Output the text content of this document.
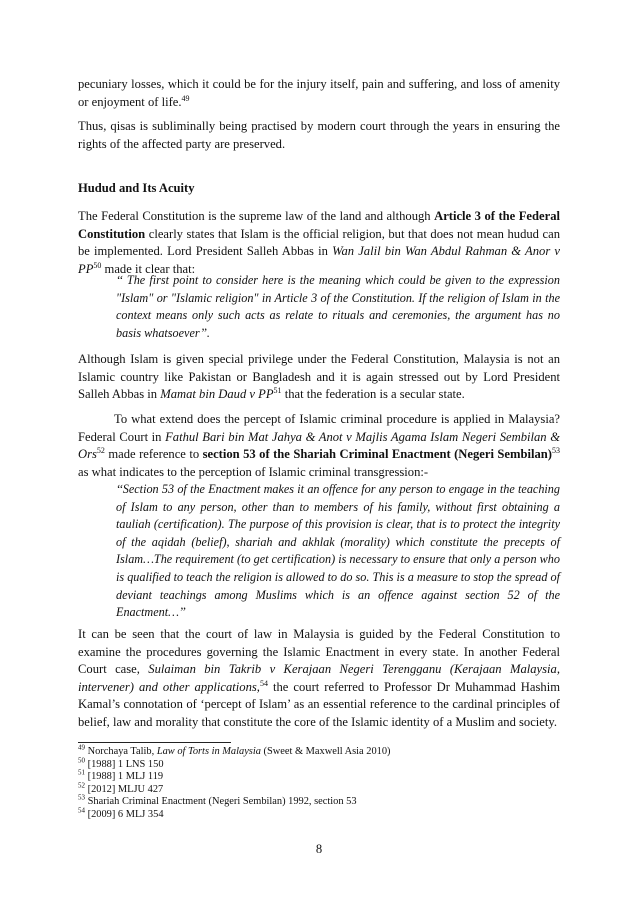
pecuniary losses, which it could be for the injury itself, pain and suffering, and loss of amenity or enjoyment of life.$^{49}$

Thus, qisas is subliminally being practised by modern court through the years in ensuring the rights of the affected party are preserved.

Hudud and Its Acuity

The Federal Constitution is the supreme law of the land and although Article 3 of the Federal Constitution clearly states that Islam is the official religion, but that does not mean hudud can be implemented. Lord President Salleh Abbas in Wan Jalil bin Wan Abdul Rahman & Anor v PP$^{50}$ made it clear that:

‘‘ The first point to consider here is the meaning which could be given to the expression "Islam" or "Islamic religion" in Article 3 of the Constitution. If the religion of Islam in the context means only such acts as relate to rituals and ceremonies, the argument has no basis whatsoever’’.

Although Islam is given special privilege under the Federal Constitution, Malaysia is not an Islamic country like Pakistan or Bangladesh and it is again stressed out by Lord President Salleh Abbas in Mamat bin Daud v PP$^{51}$ that the federation is a secular state.

To what extend does the percept of Islamic criminal procedure is applied in Malaysia? Federal Court in Fathul Bari bin Mat Jahya & Anot v Majlis Agama Islam Negeri Sembilan & Ors$^{52}$ made reference to section 53 of the Shariah Criminal Enactment (Negeri Sembilan)$^{53}$ as what indicates to the perception of Islamic criminal transgression:-

‘‘Section 53 of the Enactment makes it an offence for any person to engage in the teaching of Islam to any person, other than to members of his family, without first obtaining a tauliah (certification). The purpose of this provision is clear, that is to protect the integrity of the aqidah (belief), shariah and akhlak (morality) which constitute the precepts of Islam…The requirement (to get certification) is necessary to ensure that only a person who is qualified to teach the religion is allowed to do so. This is a measure to stop the spread of deviant teachings among Muslims which is an offence against section 52 of the Enactment…’’

It can be seen that the court of law in Malaysia is guided by the Federal Constitution to examine the procedures governing the Islamic Enactment in every state. In another Federal Court case, Sulaiman bin Takrib v Kerajaan Negeri Terengganu (Kerajaan Malaysia, intervener) and other applications,$^{54}$ the court referred to Professor Dr Muhammad Hashim Kamal’s connotation of ‘percept of Islam’ as an essential reference to the cardinal principles of belief, law and morality that constitute the core of the Islamic identity of a Muslim and society.

$^{49}$ Norchaya Talib, Law of Torts in Malaysia (Sweet & Maxwell Asia 2010)
$^{50}$ [1988] 1 LNS 150
$^{51}$ [1988] 1 MLJ 119
$^{52}$ [2012] MLJU 427
$^{53}$ Shariah Criminal Enactment (Negeri Sembilan) 1992, section 53
$^{54}$ [2009] 6 MLJ 354
8
